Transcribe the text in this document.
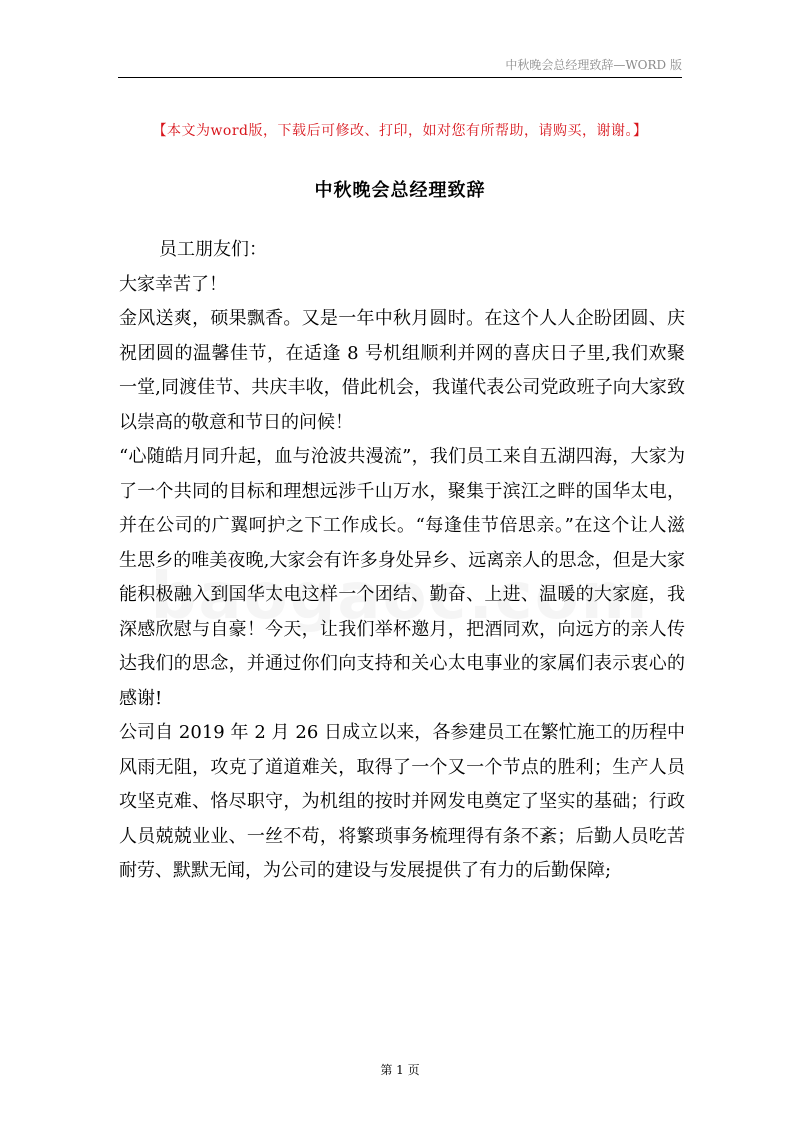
中秋晚会总经理致辞—WORD 版
【本文为word版，下载后可修改、打印，如对您有所帮助，请购买，谢谢。】
中秋晚会总经理致辞

员工朋友们：

大家幸苦了！

金风送爽，硕果飘香。又是一年中秋月圆时。在这个人人企盼团圆、庆祝团圆的温馨佳节，在适逢 8 号机组顺利并网的喜庆日子里,我们欢聚一堂,同渡佳节、共庆丰收，借此机会，我谨代表公司党政班子向大家致以崇高的敬意和节日的问候！

“心随皓月同升起，血与沧波共漫流”，我们员工来自五湖四海，大家为了一个共同的目标和理想远涉千山万水，聚集于滨江之畔的国华太电，并在公司的广翼呵护之下工作成长。“每逢佳节倍思亲。”在这个让人滋生思乡的唯美夜晚,大家会有许多身处异乡、远离亲人的思念，但是大家能积极融入到国华太电这样一个团结、勤奋、上进、温暖的大家庭，我深感欣慰与自豪！今天，让我们举杯邀月，把酒同欢，向远方的亲人传达我们的思念，并通过你们向支持和关心太电事业的家属们表示衷心的感谢!

公司自 2019 年 2 月 26 日成立以来，各参建员工在繁忙施工的历程中风雨无阻，攻克了道道难关，取得了一个又一个节点的胜利；生产人员攻坚克难、恪尽职守，为机组的按时并网发电奠定了坚实的基础；行政人员兢兢业业、一丝不苟，将繁琐事务梳理得有条不紊；后勤人员吃苦耐劳、默默无闻，为公司的建设与发展提供了有力的后勤保障;

第 1 页
